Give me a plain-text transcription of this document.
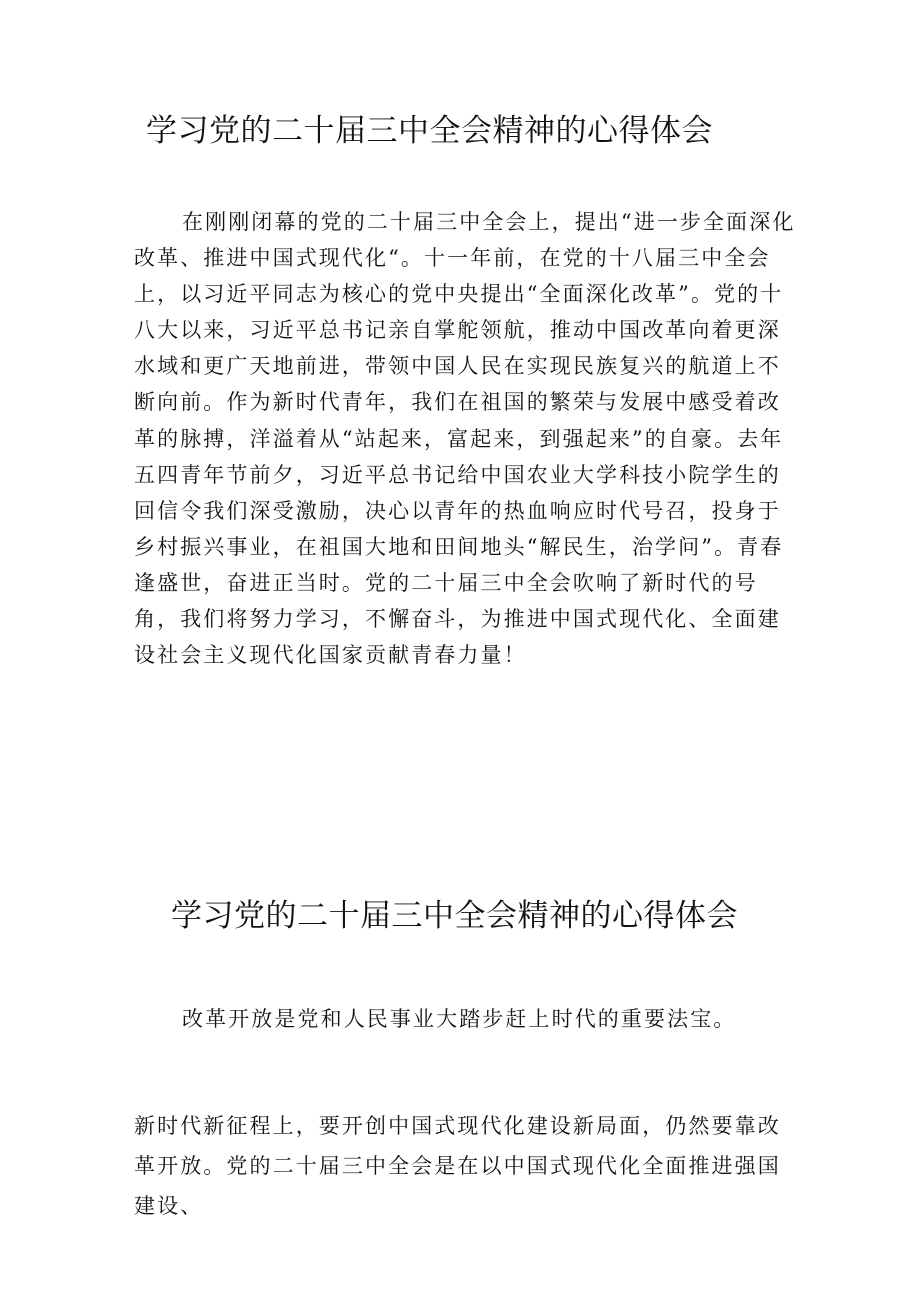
学习党的二十届三中全会精神的心得体会

在刚刚闭幕的党的二十届三中全会上，提出“进一步全面深化改革、推进中国式现代化“。十一年前，在党的十八届三中全会上，以习近平同志为核心的党中央提出“全面深化改革”。党的十八大以来，习近平总书记亲自掌舵领航，推动中国改革向着更深水域和更广天地前进，带领中国人民在实现民族复兴的航道上不断向前。作为新时代青年，我们在祖国的繁荣与发展中感受着改革的脉搏，洋溢着从“站起来，富起来，到强起来”的自豪。去年五四青年节前夕，习近平总书记给中国农业大学科技小院学生的回信令我们深受激励，决心以青年的热血响应时代号召，投身于乡村振兴事业，在祖国大地和田间地头“解民生，治学问”。青春逢盛世，奋进正当时。党的二十届三中全会吹响了新时代的号角，我们将努力学习，不懈奋斗，为推进中国式现代化、全面建设社会主义现代化国家贡献青春力量！

学习党的二十届三中全会精神的心得体会

改革开放是党和人民事业大踏步赶上时代的重要法宝。

新时代新征程上，要开创中国式现代化建设新局面，仍然要靠改革开放。党的二十届三中全会是在以中国式现代化全面推进强国建设、
